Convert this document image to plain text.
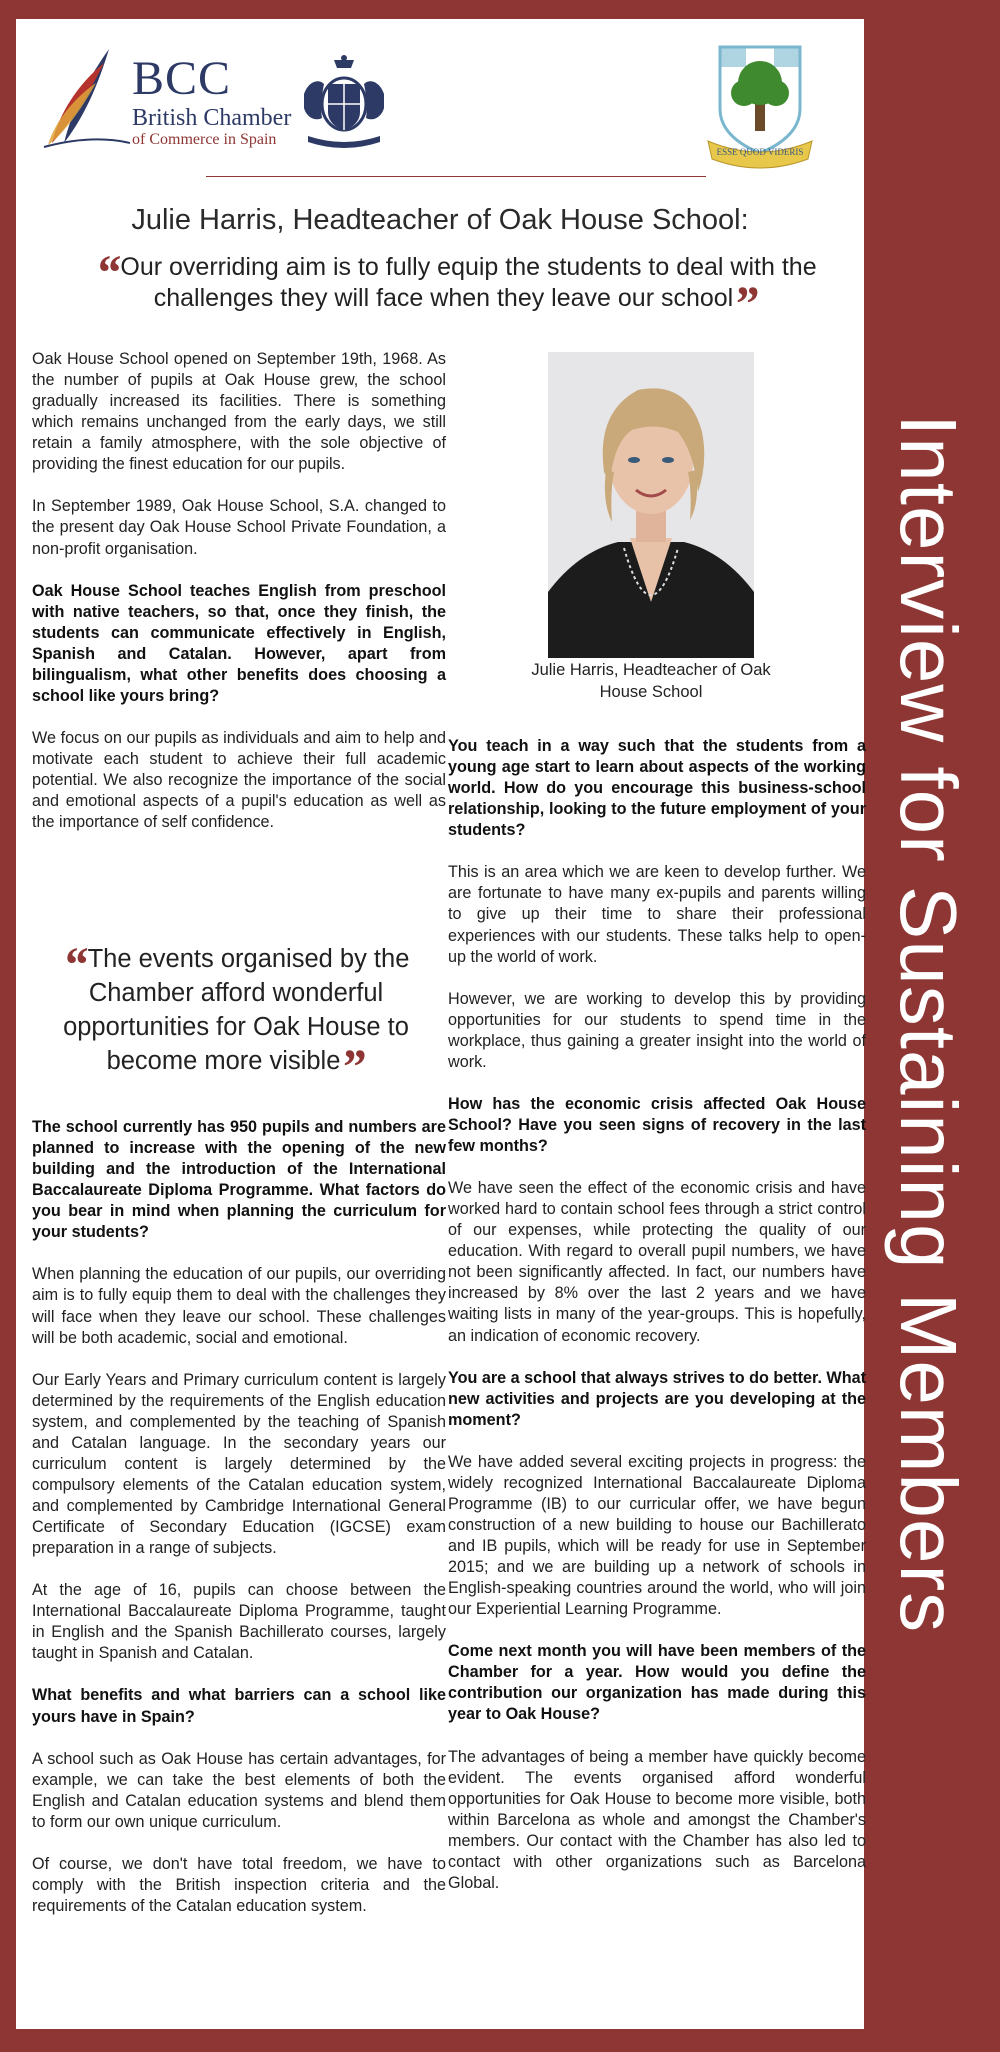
BCC
British Chamber
of Commerce in Spain
ESSE QUOD VIDERIS
Julie Harris, Headteacher of Oak House School:
“Our overriding aim is to fully equip the students to deal with the challenges they will face when they leave our school”

Oak House School opened on September 19th, 1968. As the number of pupils at Oak House grew, the school gradually increased its facilities. There is something which remains unchanged from the early days, we still retain a family atmosphere, with the sole objective of providing the finest education for our pupils.

In September 1989, Oak House School, S.A. changed to the present day Oak House School Private Foundation, a non-profit organisation.

Oak House School teaches English from preschool with native teachers, so that, once they finish, the students can communicate effectively in English, Spanish and Catalan. However, apart from bilingualism, what other benefits does choosing a school like yours bring?

We focus on our pupils as individuals and aim to help and motivate each student to achieve their full academic potential. We also recognize the importance of the social and emotional aspects of a pupil's education as well as the importance of self confidence.

“The events organised by the Chamber afford wonderful opportunities for Oak House to become more visible”

The school currently has 950 pupils and numbers are planned to increase with the opening of the new building and the introduction of the International Baccalaureate Diploma Programme. What factors do you bear in mind when planning the curriculum for your students?

When planning the education of our pupils, our overriding aim is to fully equip them to deal with the challenges they will face when they leave our school. These challenges will be both academic, social and emotional.

Our Early Years and Primary curriculum content is largely determined by the requirements of the English education system, and complemented by the teaching of Spanish and Catalan language. In the secondary years our curriculum content is largely determined by the compulsory elements of the Catalan education system, and complemented by Cambridge International General Certificate of Secondary Education (IGCSE) exam preparation in a range of subjects.

At the age of 16, pupils can choose between the International Baccalaureate Diploma Programme, taught in English and the Spanish Bachillerato courses, largely taught in Spanish and Catalan.

What benefits and what barriers can a school like yours have in Spain?

A school such as Oak House has certain advantages, for example, we can take the best elements of both the English and Catalan education systems and blend them to form our own unique curriculum.

Of course, we don't have total freedom, we have to comply with the British inspection criteria and the requirements of the Catalan education system.

Julie Harris, Headteacher of Oak House School

You teach in a way such that the students from a young age start to learn about aspects of the working world. How do you encourage this business-school relationship, looking to the future employment of your students?

This is an area which we are keen to develop further. We are fortunate to have many ex-pupils and parents willing to give up their time to share their professional experiences with our students. These talks help to open-up the world of work.

However, we are working to develop this by providing opportunities for our students to spend time in the workplace, thus gaining a greater insight into the world of work.

How has the economic crisis affected Oak House School? Have you seen signs of recovery in the last few months?

We have seen the effect of the economic crisis and have worked hard to contain school fees through a strict control of our expenses, while protecting the quality of our education. With regard to overall pupil numbers, we have not been significantly affected. In fact, our numbers have increased by 8% over the last 2 years and we have waiting lists in many of the year-groups. This is hopefully, an indication of economic recovery.

You are a school that always strives to do better. What new activities and projects are you developing at the moment?

We have added several exciting projects in progress: the widely recognized International Baccalaureate Diploma Programme (IB) to our curricular offer, we have begun construction of a new building to house our Bachillerato and IB pupils, which will be ready for use in September 2015; and we are building up a network of schools in English-speaking countries around the world, who will join our Experiential Learning Programme.

Come next month you will have been members of the Chamber for a year. How would you define the contribution our organization has made during this year to Oak House?

The advantages of being a member have quickly become evident. The events organised afford wonderful opportunities for Oak House to become more visible, both within Barcelona as whole and amongst the Chamber's members. Our contact with the Chamber has also led to contact with other organizations such as Barcelona Global.

Interview for Sustaining Members
